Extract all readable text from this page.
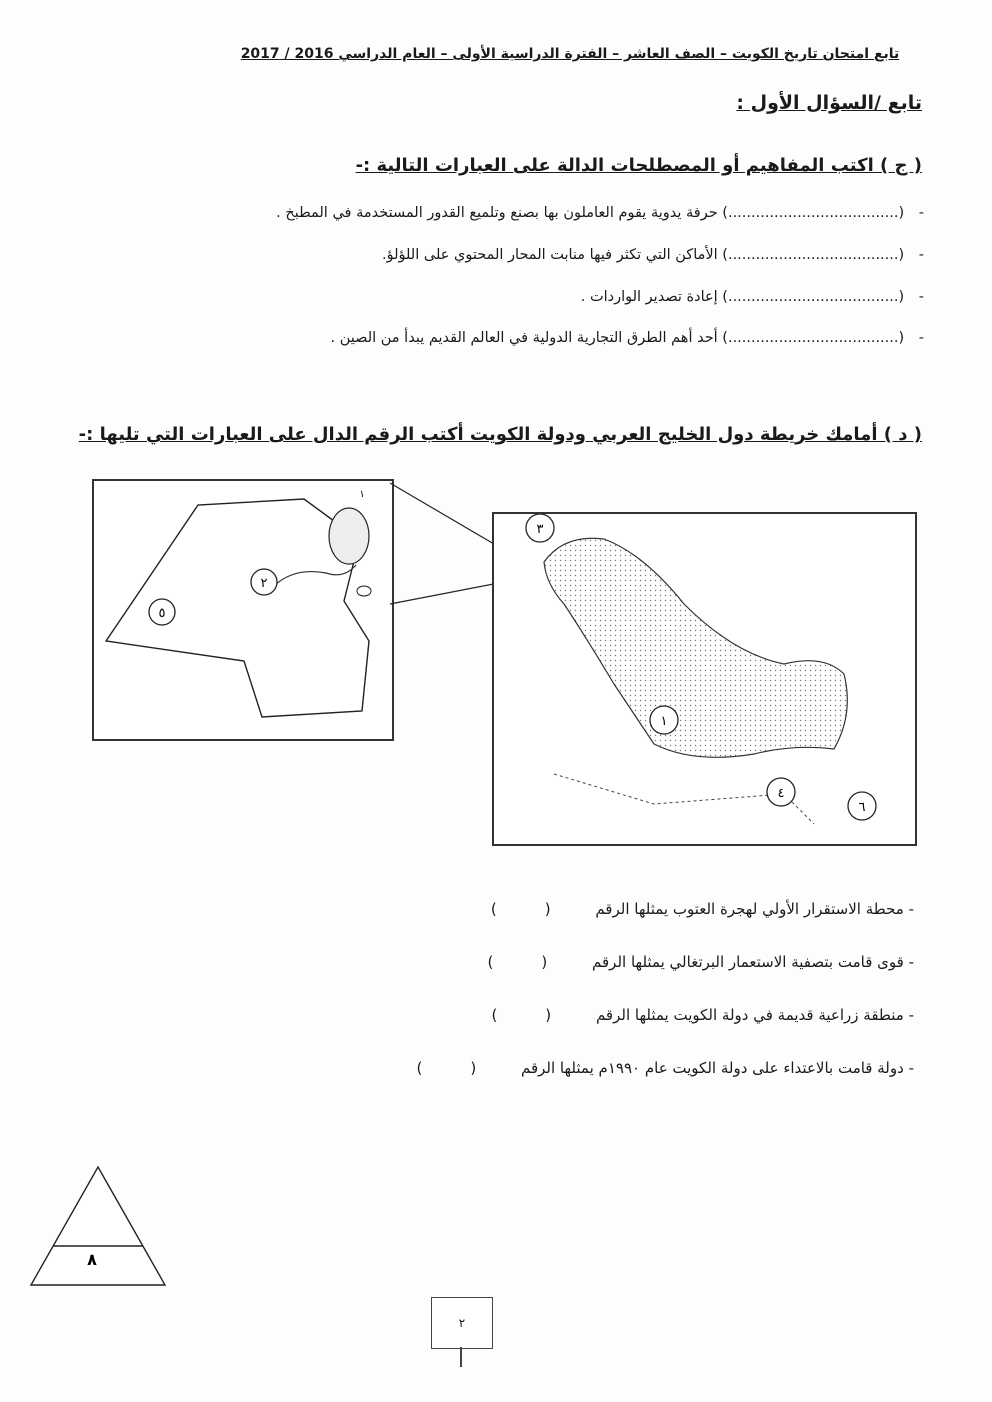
تابع امتحان تاريخ الكويت – الصف العاشر – الفترة الدراسية الأولى – العام الدراسي 2016 / 2017
تابع /السؤال الأول :
( ج ) اكتب المفاهيم أو المصطلحات الدالة على العبارات التالية :-
- (.....................................) حرفة يدوية يقوم العاملون بها بصنع وتلميع القدور المستخدمة في المطبخ .
- (.....................................) الأماكن التي تكثر فيها منابت المحار المحتوي على اللؤلؤ.
- (.....................................) إعادة تصدير الواردات .
- (.....................................) أحد أهم الطرق التجارية الدولية في العالم القديم يبدأ من الصين .
( د ) أمامك خريطة دول الخليج العربي ودولة الكويت أكتب الرقم الدال على العبارات التي تليها :-
٢
٥
١
٣
١
٤
٦
- محطة الاستقرار الأولي لهجرة العتوب يمثلها الرقم ()
- قوى قامت بتصفية الاستعمار البرتغالي يمثلها الرقم ()
- منطقة زراعية قديمة في دولة الكويت يمثلها الرقم ()
- دولة قامت بالاعتداء على دولة الكويت عام ١٩٩٠م يمثلها الرقم ()
٨
٢
